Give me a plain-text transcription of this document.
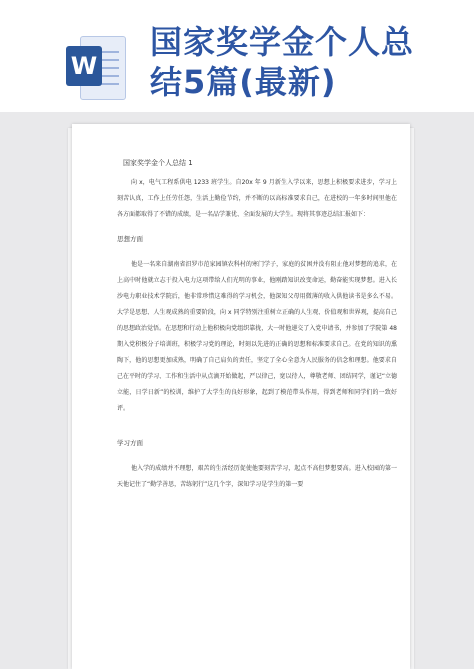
W
国家奖学金个人总
结5篇(最新)
国家奖学金个人总结 1

向 x，电气工程系供电 1233 班学生。自20x 年 9 月新生入学以来，思想上积极要求进步，学习上刻苦认真，工作上任劳任怨，生活上勤俭节约，并不断的以高标准要求自己，在进校的一年多时间里他在各方面都取得了不错的成绩，是一名品学兼优、全面发展的大学生。现将其事迹总结汇报如下：

思想方面

他是一名来自湖南省汨罗市范家园镇农科村的寒门学子，家庭的贫困并没有阻止他对梦想的追求，在上高中时他就立志于投入电力这项带给人们光明的事业，他刚踏知识改变命运，勤奋能实现梦想。进入长沙电力职业技术学院后，他非常珍惜这难得的学习机会，他深知父母用微薄的收入供他读书是多么不易。大学是思想、人生观成熟的重要阶段，向 x 同学特别注重树立正确的人生观、价值观和世界观，提高自己的思想政治觉悟。在思想和行动上他积极向党组织靠拢，大一时他递交了入党申请书，并参加了学院第 48 期入党积极分子培训班，积极学习党的理论，时刻以先进的正确的思想和标准要求自己。在党的知识的熏陶下，他的思想更加成熟，明确了自己肩负的责任，坚定了全心全意为人民服务的信念和理想。他要求自己在平时的学习、工作和生活中从点滴开始做起，严以律己，宽以待人，尊敬老师、团结同学，谨记“立德立能，日学日新”的校训，维护了大学生的良好形象，起到了模范带头作用，得到老师和同学们的一致好评。

学习方面

他入学的成绩并不理想，艰苦的生活经历促使他要刻苦学习，起点不高但梦想要高。进入校园的第一天他记住了“勤学善思，苦练躬行”这几个字，深知学习是学生的第一要
